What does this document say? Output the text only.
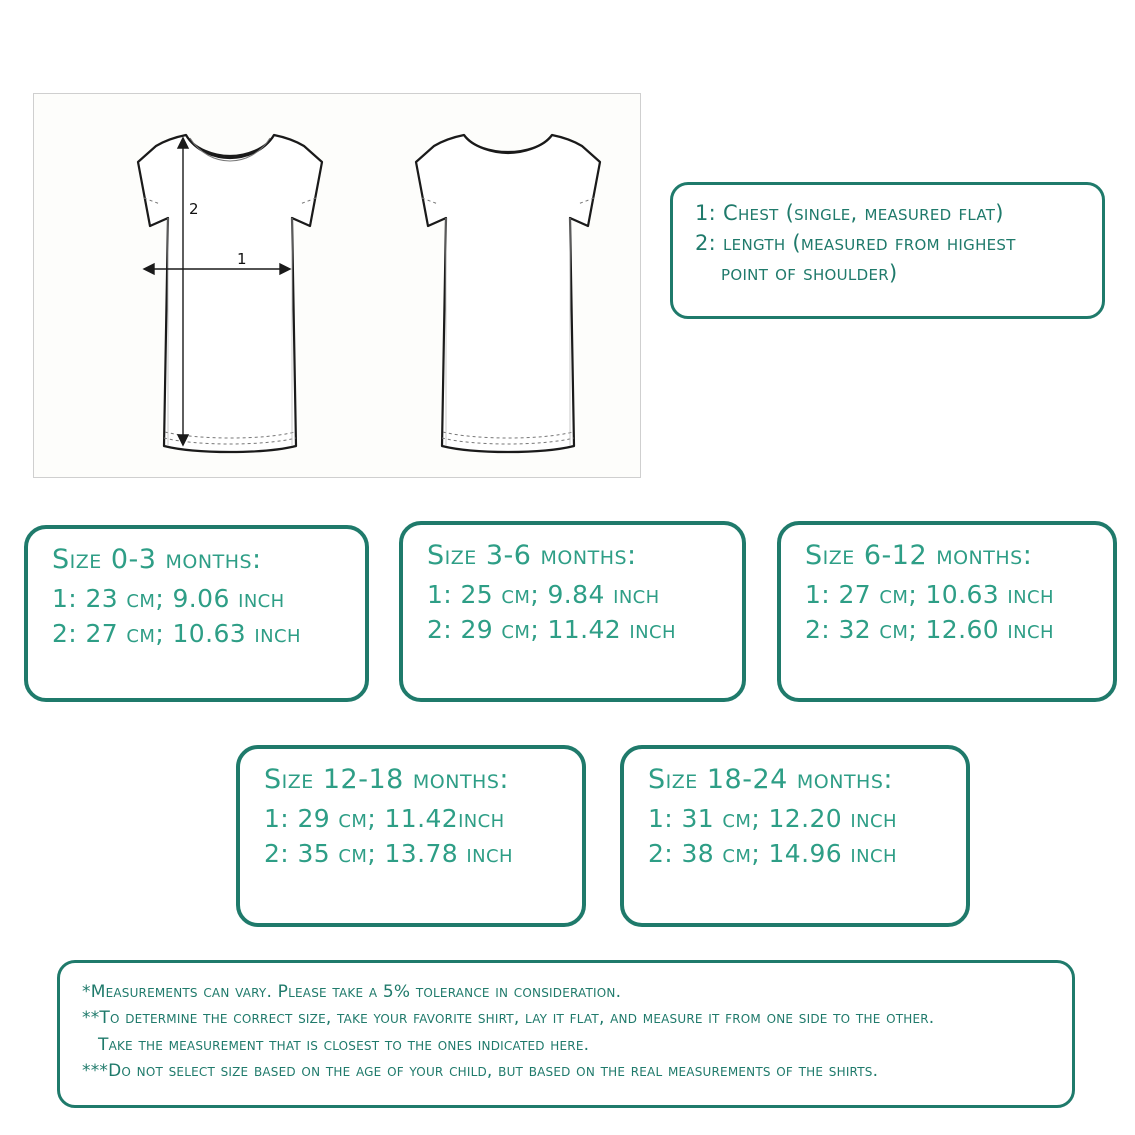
1
2	1: Chest (single, measured flat)
2: length (measured from highest
point of shoulder)
Size 0-3 months:
1: 23 cm; 9.06 inch
2: 27 cm; 10.63 inch
Size 3-6 months:
1: 25 cm; 9.84 inch
2: 29 cm; 11.42 inch
Size 6-12 months:
1: 27 cm; 10.63 inch
2: 32 cm; 12.60 inch
Size 12-18 months:
1: 29 cm; 11.42inch
2: 35 cm; 13.78 inch
Size 18-24 months:
1: 31 cm; 12.20 inch
2: 38 cm; 14.96 inch
*Measurements can vary. Please take a 5% tolerance in consideration.
**To determine the correct size, take your favorite shirt, lay it flat, and measure it from one side to the other.
Take the measurement that is closest to the ones indicated here.
***Do not select size based on the age of your child, but based on the real measurements of the shirts.
